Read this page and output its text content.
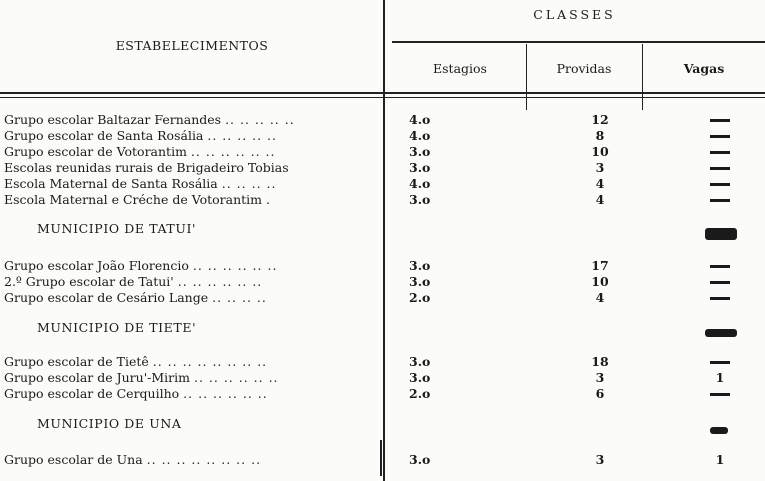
ESTABELECIMENTOS
CLASSES
Estagios	Providas	Vagas
Grupo escolar Baltazar Fernandes .. .. .. .. ..	4.o	12
Grupo escolar de Santa Rosália .. .. .. .. ..	4.o	8
Grupo escolar de Votorantim .. .. .. .. .. ..	3.o	10
Escolas reunidas rurais de Brigadeiro Tobias	3.o	3
Escola Maternal de Santa Rosália .. .. .. ..	4.o	4
Escola Maternal e Créche de Votorantim .	3.o	4
MUNICIPIO DE TATUI'
Grupo escolar João Florencio .. .. .. .. .. ..	3.o	17
2.º Grupo escolar de Tatui' .. .. .. .. .. ..	3.o	10
Grupo escolar de Cesário Lange .. .. .. ..	2.o	4
MUNICIPIO DE TIETE'
Grupo escolar de Tietê .. .. .. .. .. .. .. ..	3.o	18
Grupo escolar de Juru'-Mirim .. .. .. .. .. ..	3.o	3	1
Grupo escolar de Cerquilho .. .. .. .. .. ..	2.o	6
MUNICIPIO DE UNA
Grupo escolar de Una .. .. .. .. .. .. .. ..	3.o	3	1
